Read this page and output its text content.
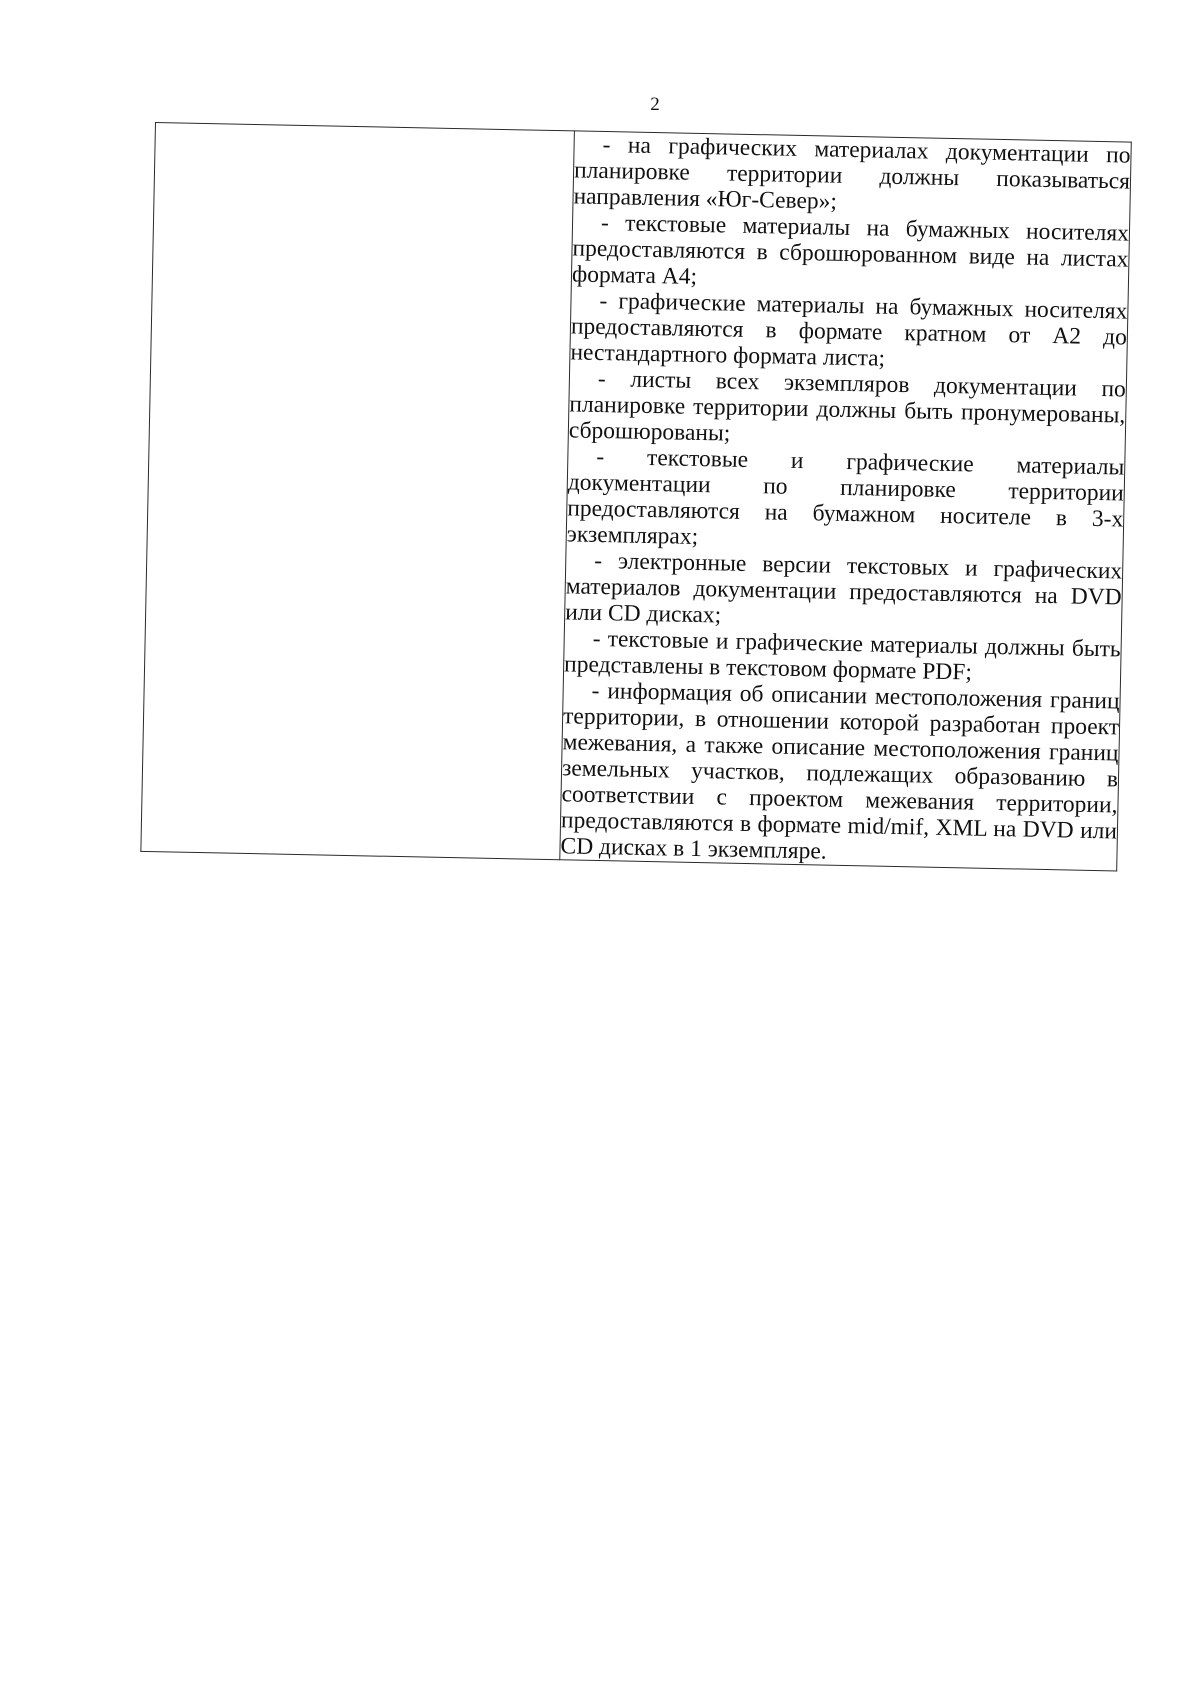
2

- на графических материалах документации по планировке территории должны показываться направления «Юг-Север»;

- текстовые материалы на бумажных носителях предоставляются в сброшюрованном виде на листах формата А4;

- графические материалы на бумажных носителях предоставляются в формате кратном от А2 до нестандартного формата листа;

- листы всех экземпляров документации по планировке территории должны быть пронумерованы, сброшюрованы;

- текстовые и графические материалы документации по планировке территории предоставляются на бумажном носителе в 3-х экземплярах;

- электронные версии текстовых и графических материалов документации предоставляются на DVD или CD дисках;

- текстовые и графические материалы должны быть представлены в текстовом формате PDF;

- информация об описании местоположения границ территории, в отношении которой разработан проект межевания, а также описание местоположения границ земельных участков, подлежащих образованию в соответствии с проектом межевания территории, предоставляются в формате mid/mif, XML на DVD или CD дисках в 1 экземпляре.
